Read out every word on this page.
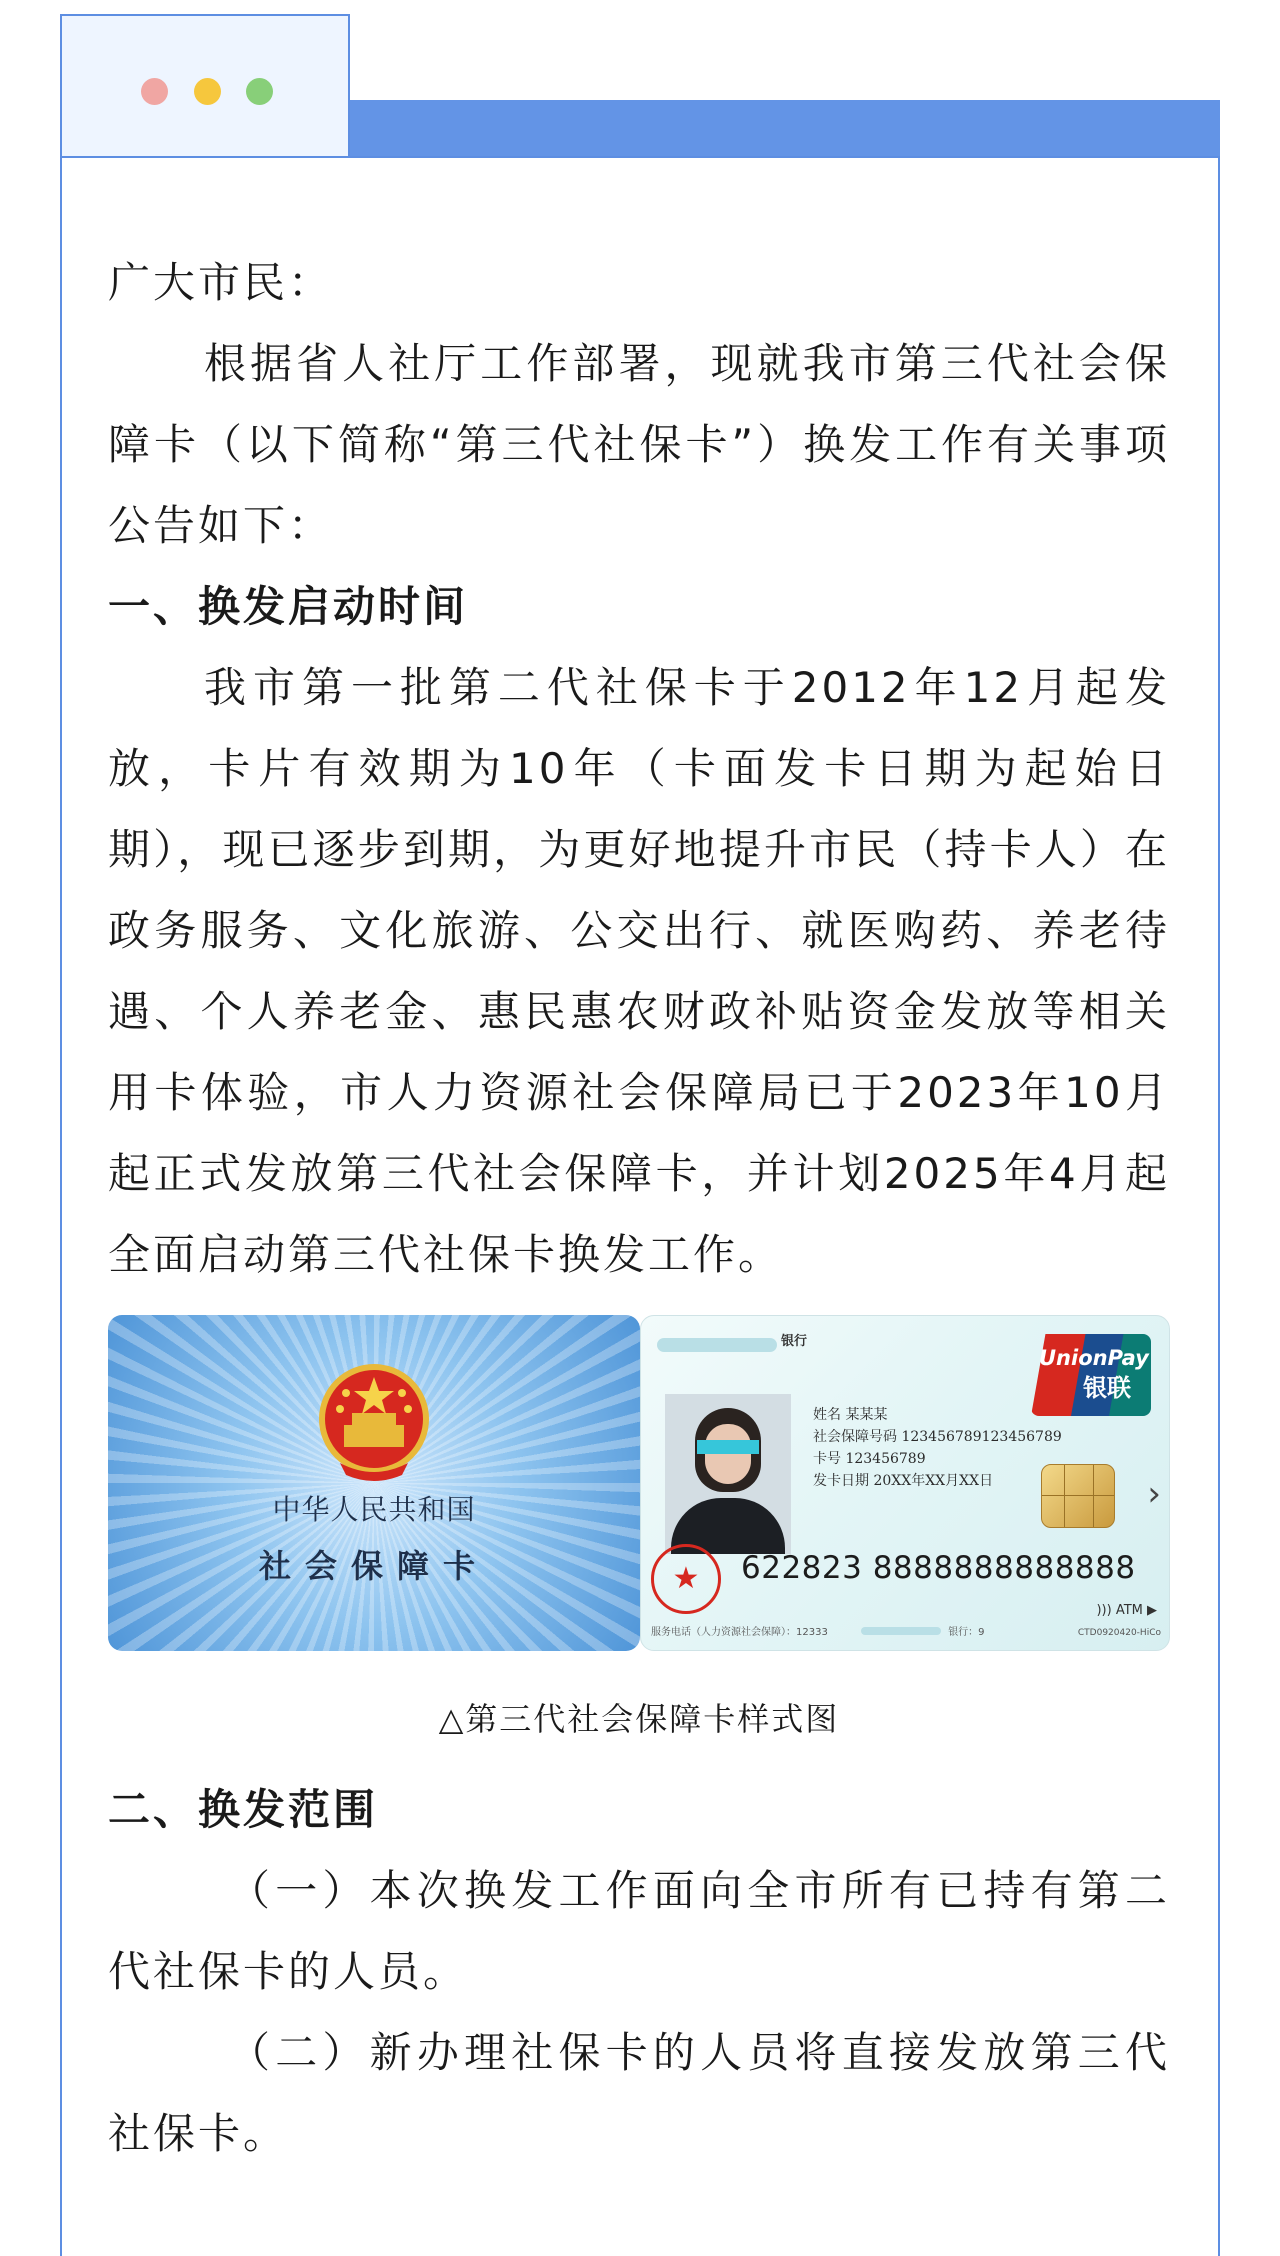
广大市民：

根据省人社厅工作部署，现就我市第三代社会保障卡（以下简称“第三代社保卡”）换发工作有关事项公告如下：

一、换发启动时间

我市第一批第二代社保卡于2012年12月起发放，卡片有效期为10年（卡面发卡日期为起始日期），现已逐步到期，为更好地提升市民（持卡人）在政务服务、文化旅游、公交出行、就医购药、养老待遇、个人养老金、惠民惠农财政补贴资金发放等相关用卡体验，市人力资源社会保障局已于2023年10月起正式发放第三代社会保障卡，并计划2025年4月起全面启动第三代社保卡换发工作。

中华人民共和国
社会保障卡
银行
UnionPay
银联
姓名 某某某
社会保障号码 123456789123456789
卡号 123456789
发卡日期 20XX年XX月XX日	›
★	622823 8888888888888
))) ATM ▶
服务电话（人力资源社会保障）：12333	银行：9	CTD0920420-HiCo
△第三代社会保障卡样式图

二、换发范围

（一）本次换发工作面向全市所有已持有第二代社保卡的人员。

（二）新办理社保卡的人员将直接发放第三代社保卡。
